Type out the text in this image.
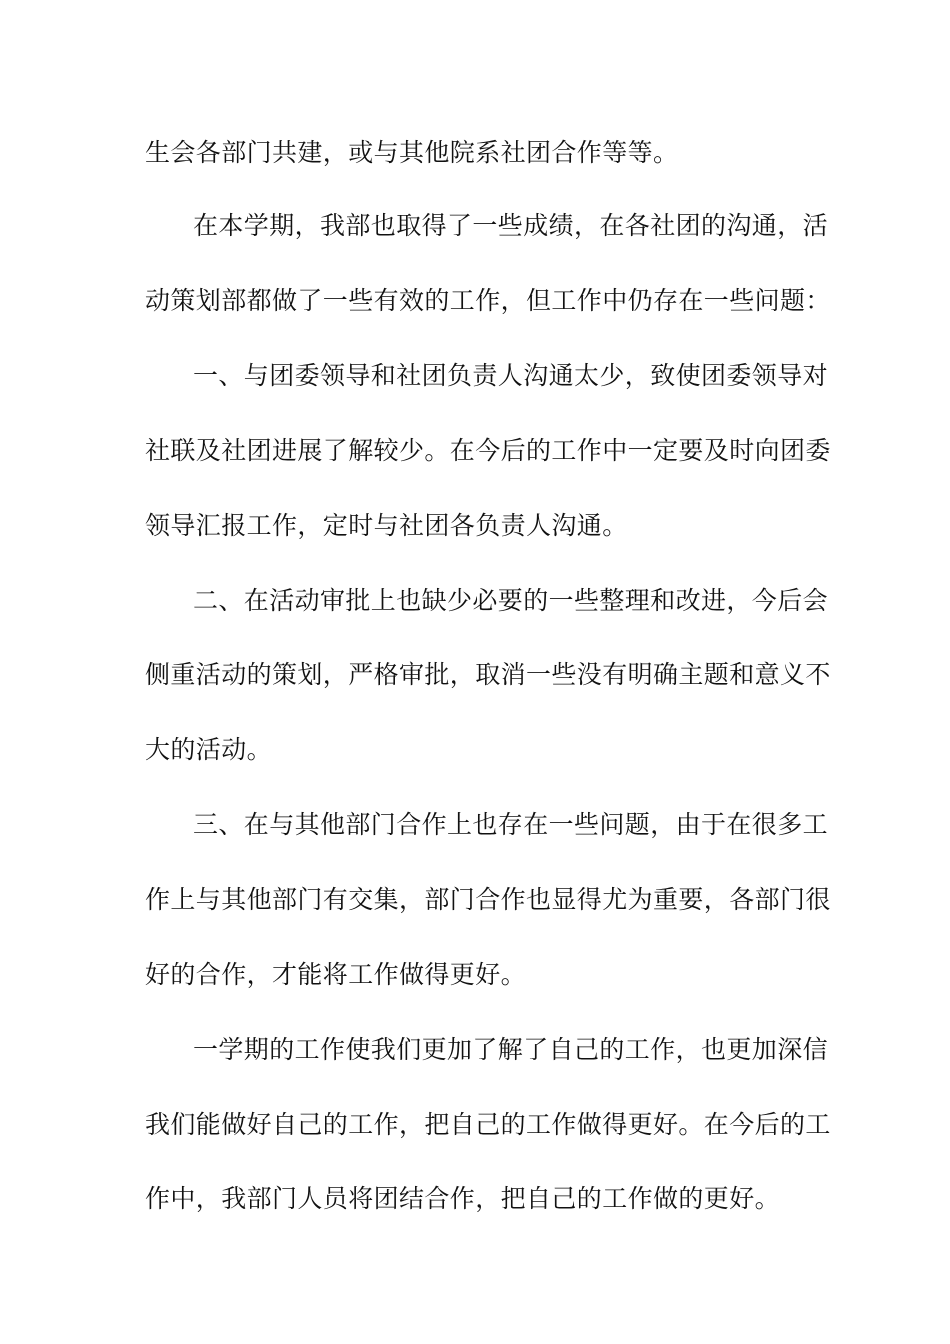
生会各部门共建，或与其他院系社团合作等等。
在本学期，我部也取得了一些成绩，在各社团的沟通，活
动策划部都做了一些有效的工作，但工作中仍存在一些问题：
一、与团委领导和社团负责人沟通太少，致使团委领导对
社联及社团进展了解较少。在今后的工作中一定要及时向团委
领导汇报工作，定时与社团各负责人沟通。
二、在活动审批上也缺少必要的一些整理和改进，今后会
侧重活动的策划，严格审批，取消一些没有明确主题和意义不
大的活动。
三、在与其他部门合作上也存在一些问题，由于在很多工
作上与其他部门有交集，部门合作也显得尤为重要，各部门很
好的合作，才能将工作做得更好。
一学期的工作使我们更加了解了自己的工作，也更加深信
我们能做好自己的工作，把自己的工作做得更好。在今后的工
作中，我部门人员将团结合作，把自己的工作做的更好。
